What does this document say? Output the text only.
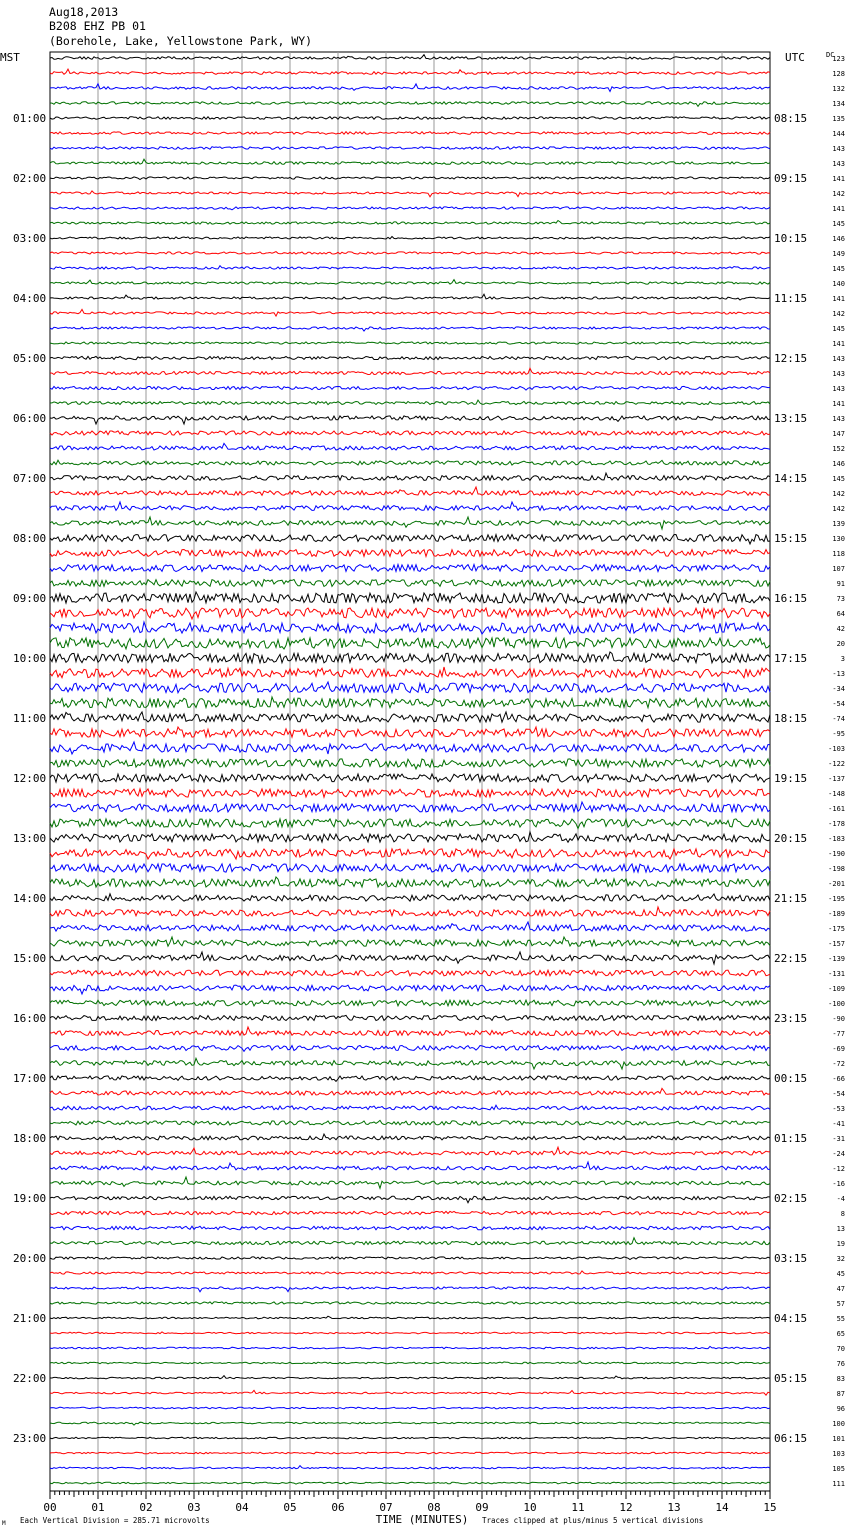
Aug18,2013
B208 EHZ PB 01
(Borehole, Lake, Yellowstone Park, WY)
MST	UTC	DC
01:00
02:00
03:00
04:00
05:00
06:00
07:00
08:00
09:00
10:00
11:00
12:00
13:00
14:00
15:00
16:00
17:00
18:00
19:00
20:00
21:00
22:00
23:00
08:15
09:15
10:15
11:15
12:15
13:15
14:15
15:15
16:15
17:15
18:15
19:15
20:15
21:15
22:15
23:15
00:15
01:15
02:15
03:15
04:15
05:15
06:15
123
128
132
134
135
144
143
143
141
142
141
145
146
149
145
140
141
142
145
141
143
143
143
141
143
147
152
146
145
142
142
139
130
118
107
91
73
64
42
20
3
-13
-34
-54
-74
-95
-103
-122
-137
-148
-161
-178
-183
-190
-198
-201
-195
-189
-175
-157
-139
-131
-109
-100
-90
-77
-69
-72
-66
-54
-53
-41
-31
-24
-12
-16
-4
8
13
19
32
45
47
57
55
65
70
76
83
87
96
100
101
103
105
111
00	01	02	03	04	05	06	07	08	09	10	11	12	13	14	15
TIME (MINUTES)
Each Vertical Division = 285.71 microvolts	Traces clipped at plus/minus 5 vertical divisions
M
